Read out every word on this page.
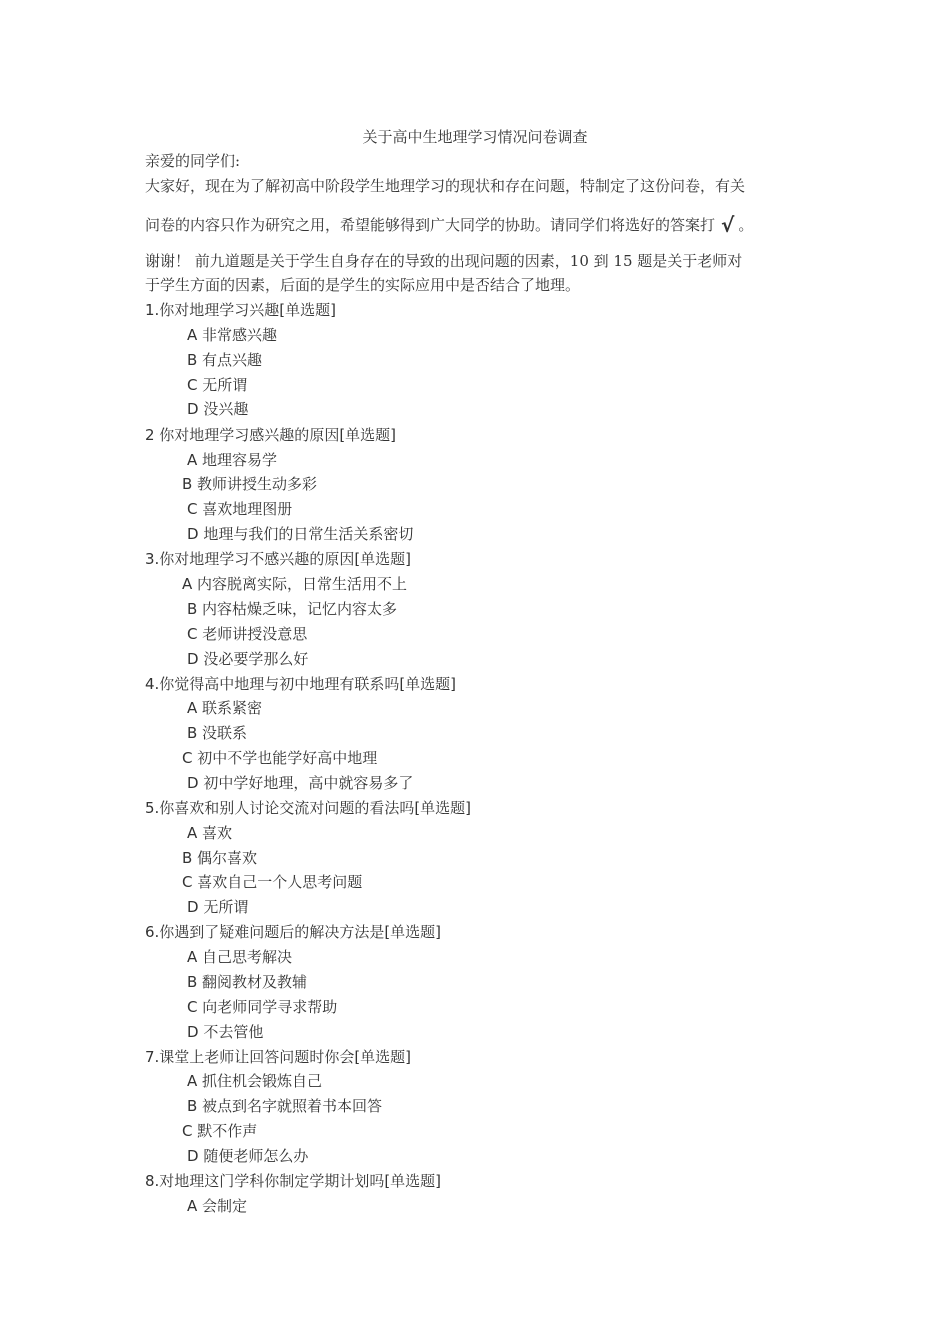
关于高中生地理学习情况问卷调查
亲爱的同学们:
大家好，现在为了解初高中阶段学生地理学习的现状和存在问题，特制定了这份问卷，有关
问卷的内容只作为研究之用，希望能够得到广大同学的协助。请同学们将选好的答案打 √ 。
谢谢！ 前九道题是关于学生自身存在的导致的出现问题的因素，10 到 15 题是关于老师对
于学生方面的因素，后面的是学生的实际应用中是否结合了地理。
1.你对地理学习兴趣[单选题]
A 非常感兴趣
B 有点兴趣
C 无所谓
D 没兴趣
2 你对地理学习感兴趣的原因[单选题]
A 地理容易学
B 教师讲授生动多彩
C 喜欢地理图册
D 地理与我们的日常生活关系密切
3.你对地理学习不感兴趣的原因[单选题]
A 内容脱离实际，日常生活用不上
B 内容枯燥乏味，记忆内容太多
C 老师讲授没意思
D 没必要学那么好
4.你觉得高中地理与初中地理有联系吗[单选题]
A 联系紧密
B 没联系
C 初中不学也能学好高中地理
D 初中学好地理，高中就容易多了
5.你喜欢和别人讨论交流对问题的看法吗[单选题]
A 喜欢
B 偶尔喜欢
C 喜欢自己一个人思考问题
D 无所谓
6.你遇到了疑难问题后的解决方法是[单选题]
A 自己思考解决
B 翻阅教材及教辅
C 向老师同学寻求帮助
D 不去管他
7.课堂上老师让回答问题时你会[单选题]
A 抓住机会锻炼自己
B 被点到名字就照着书本回答
C 默不作声
D 随便老师怎么办
8.对地理这门学科你制定学期计划吗[单选题]
A 会制定
